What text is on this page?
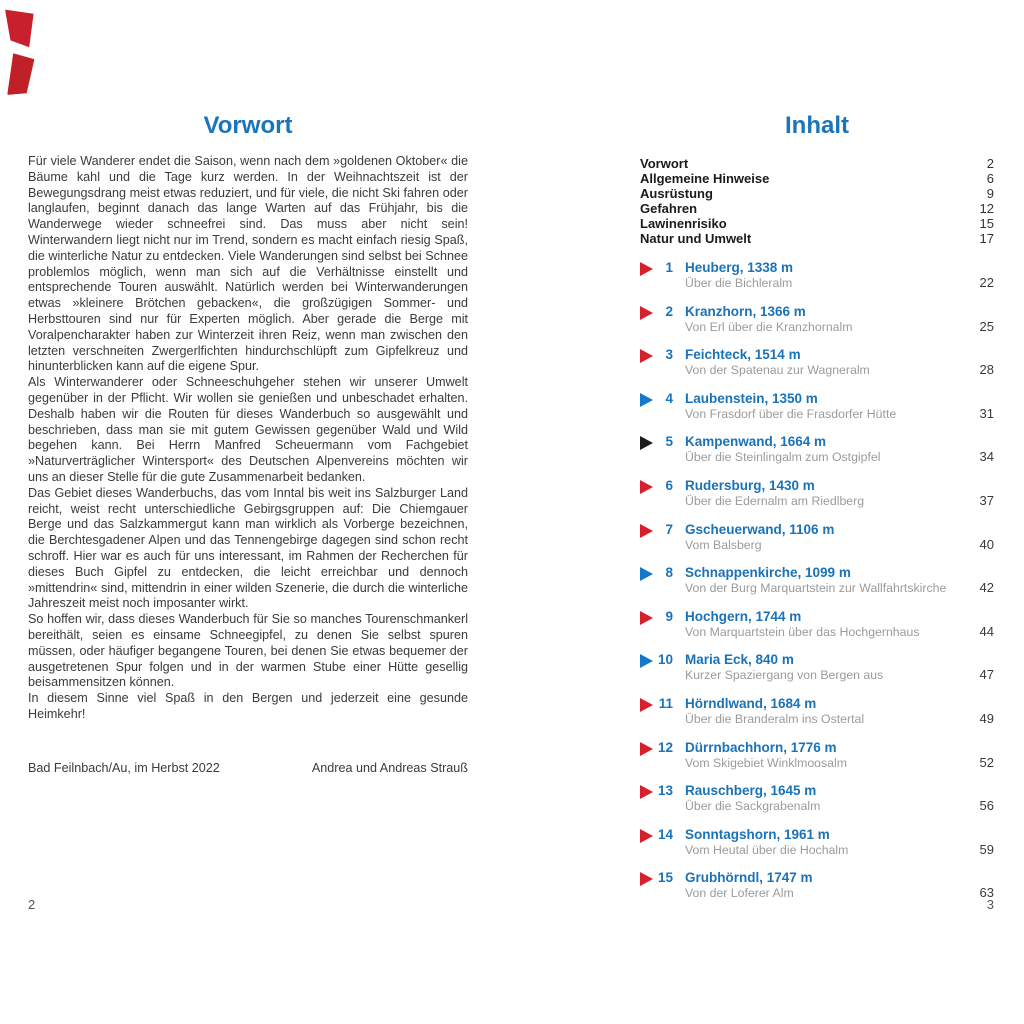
Vorwort

Für viele Wanderer endet die Saison, wenn nach dem »goldenen Oktober« die Bäume kahl und die Tage kurz werden. In der Weihnachtszeit ist der Bewegungsdrang meist etwas reduziert, und für viele, die nicht Ski fahren oder langlaufen, beginnt danach das lange Warten auf das Frühjahr, bis die Wanderwege wieder schneefrei sind. Das muss aber nicht sein! Winterwandern liegt nicht nur im Trend, sondern es macht einfach riesig Spaß, die winterliche Natur zu entdecken. Viele Wanderungen sind selbst bei Schnee problemlos möglich, wenn man sich auf die Verhältnisse einstellt und entsprechende Touren auswählt. Natürlich werden bei Winterwanderungen etwas »kleinere Brötchen gebacken«, die großzügigen Sommer- und Herbsttouren sind nur für Experten möglich. Aber gerade die Berge mit Voralpencharakter haben zur Winterzeit ihren Reiz, wenn man zwischen den letzten verschneiten Zwergerlfichten hindurchschlüpft zum Gipfelkreuz und hinunterblicken kann auf die eigene Spur.

Als Winterwanderer oder Schneeschuhgeher stehen wir unserer Umwelt gegenüber in der Pflicht. Wir wollen sie genießen und unbeschadet erhalten. Deshalb haben wir die Routen für dieses Wanderbuch so ausgewählt und beschrieben, dass man sie mit gutem Gewissen gegenüber Wald und Wild begehen kann. Bei Herrn Manfred Scheuermann vom Fachgebiet »Naturverträglicher Wintersport« des Deutschen Alpenvereins möchten wir uns an dieser Stelle für die gute Zusammenarbeit bedanken.

Das Gebiet dieses Wanderbuchs, das vom Inntal bis weit ins Salzburger Land reicht, weist recht unterschiedliche Gebirgsgruppen auf: Die Chiemgauer Berge und das Salzkammergut kann man wirklich als Vorberge bezeichnen, die Berchtesgadener Alpen und das Tennengebirge dagegen sind schon recht schroff. Hier war es auch für uns interessant, im Rahmen der Recherchen für dieses Buch Gipfel zu entdecken, die leicht erreichbar und dennoch »mittendrin« sind, mittendrin in einer wilden Szenerie, die durch die winterliche Jahreszeit meist noch imposanter wirkt.

So hoffen wir, dass dieses Wanderbuch für Sie so manches Tourenschmankerl bereithält, seien es einsame Schneegipfel, zu denen Sie selbst spuren müssen, oder häufiger begangene Touren, bei denen Sie etwas bequemer der ausgetretenen Spur folgen und in der warmen Stube einer Hütte gesellig beisammensitzen können.

In diesem Sinne viel Spaß in den Bergen und jederzeit eine gesunde Heimkehr!

Bad Feilnbach/Au, im Herbst 2022	Andrea und Andreas Strauß
2
Inhalt
Vorwort	2
Allgemeine Hinweise	6
Ausrüstung	9
Gefahren	12
Lawinenrisiko	15
Natur und Umwelt	17
1 Heuberg, 1338 m
Über die Bichleralm	22
2 Kranzhorn, 1366 m
Von Erl über die Kranzhornalm	25
3 Feichteck, 1514 m
Von der Spatenau zur Wagneralm	28
4 Laubenstein, 1350 m
Von Frasdorf über die Frasdorfer Hütte	31
5 Kampenwand, 1664 m
Über die Steinlingalm zum Ostgipfel	34
6 Rudersburg, 1430 m
Über die Edernalm am Riedlberg	37
7 Gscheuerwand, 1106 m
Vom Balsberg	40
8 Schnappenkirche, 1099 m
Von der Burg Marquartstein zur Wallfahrtskirche	42
9 Hochgern, 1744 m
Von Marquartstein über das Hochgernhaus	44
10 Maria Eck, 840 m
Kurzer Spaziergang von Bergen aus	47
11 Hörndlwand, 1684 m
Über die Branderalm ins Ostertal	49
12 Dürrnbachhorn, 1776 m
Vom Skigebiet Winklmoosalm	52
13 Rauschberg, 1645 m
Über die Sackgrabenalm	56
14 Sonntagshorn, 1961 m
Vom Heutal über die Hochalm	59
15 Grubhörndl, 1747 m
Von der Loferer Alm	63
3
